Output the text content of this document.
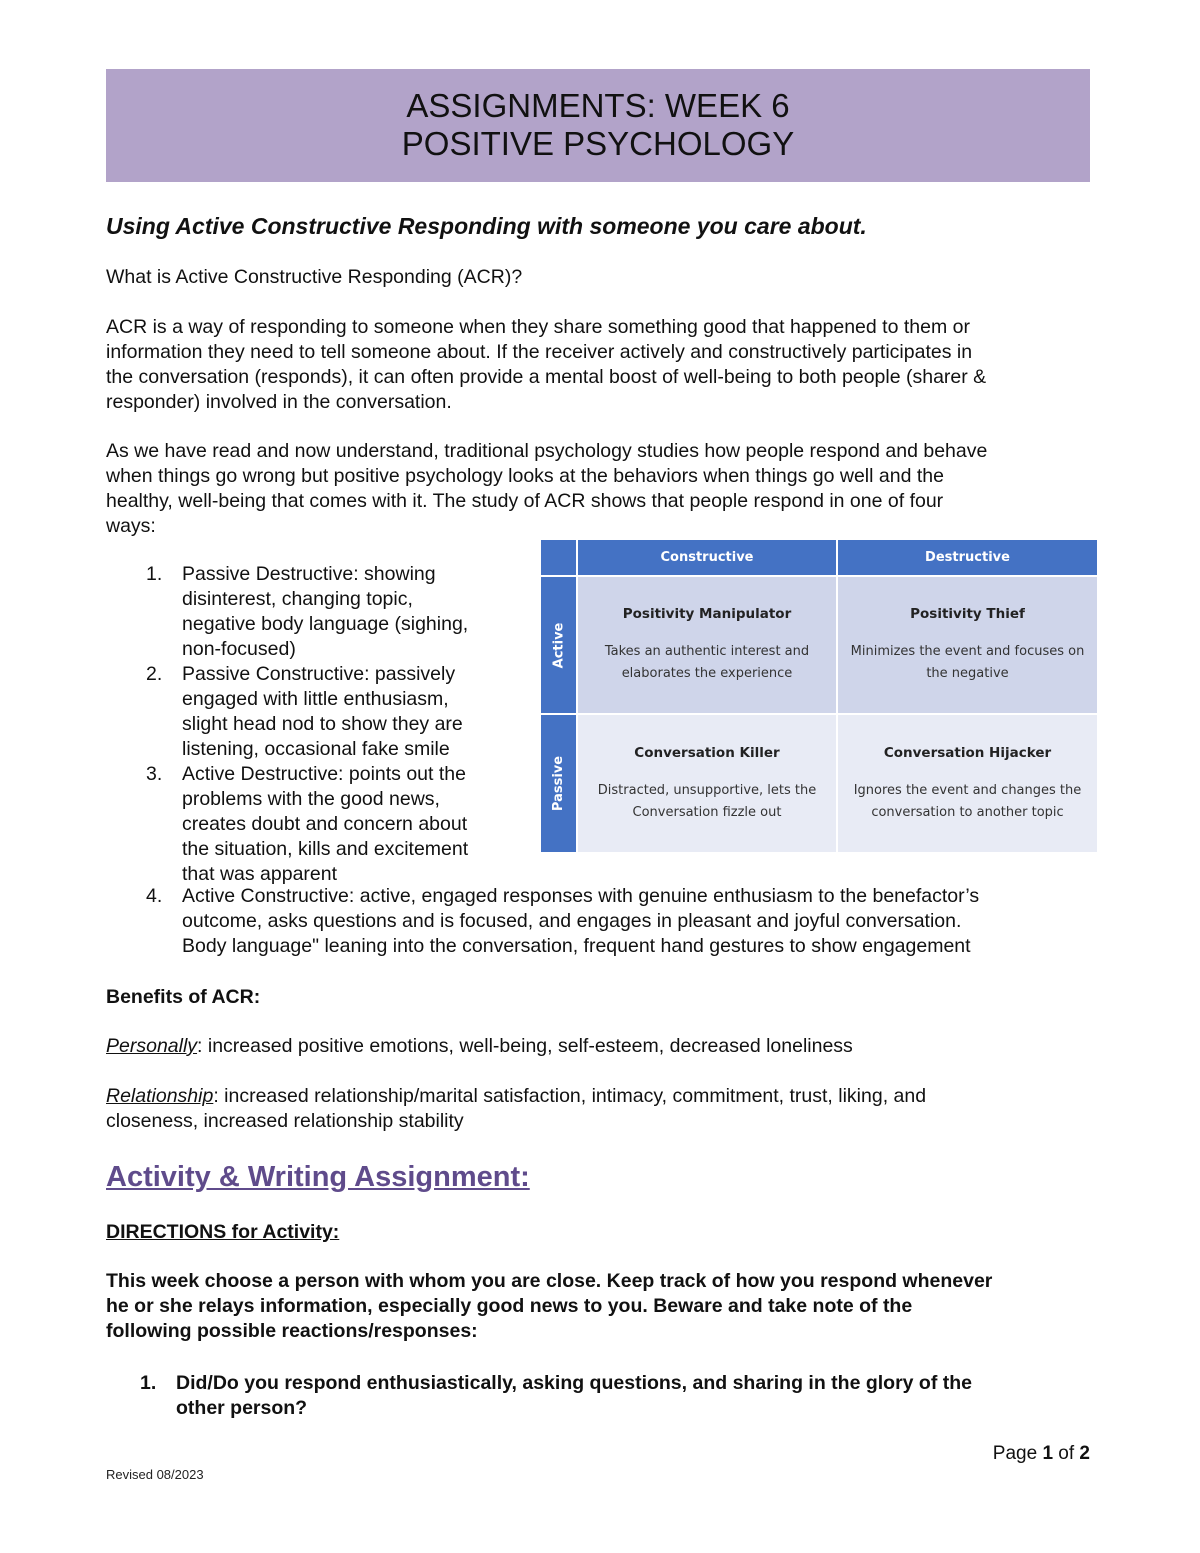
ASSIGNMENTS: WEEK 6
POSITIVE PSYCHOLOGY

Using Active Constructive Responding with someone you care about.

What is Active Constructive Responding (ACR)?

ACR is a way of responding to someone when they share something good that happened to them or
information they need to tell someone about. If the receiver actively and constructively participates in
the conversation (responds), it can often provide a mental boost of well-being to both people (sharer &
responder) involved in the conversation.
As we have read and now understand, traditional psychology studies how people respond and behave
when things go wrong but positive psychology looks at the behaviors when things go well and the
healthy, well-being that comes with it. The study of ACR shows that people respond in one of four
ways:
1. Passive Destructive: showing
disinterest, changing topic,
negative body language (sighing,
non-focused)
2. Passive Constructive: passively
engaged with little enthusiasm,
slight head nod to show they are
listening, occasional fake smile
3. Active Destructive: points out the
problems with the good news,
creates doubt and concern about
the situation, kills and excitement
that was apparent
4. Active Constructive: active, engaged responses with genuine enthusiasm to the benefactor’s
outcome, asks questions and is focused, and engages in pleasant and joyful conversation.
Body language" leaning into the conversation, frequent hand gestures to show engagement
Constructive	Destructive
Active
Passive
Positivity Manipulator
Takes an authentic interest and elaborates the experience
Positivity Thief
Minimizes the event and focuses on the negative
Conversation Killer
Distracted, unsupportive, lets the Conversation fizzle out
Conversation Hijacker
Ignores the event and changes the conversation to another topic

Benefits of ACR:

Personally: increased positive emotions, well-being, self-esteem, decreased loneliness

Relationship: increased relationship/marital satisfaction, intimacy, commitment, trust, liking, and
closeness, increased relationship stability

Activity & Writing Assignment:

DIRECTIONS for Activity:

This week choose a person with whom you are close. Keep track of how you respond whenever
he or she relays information, especially good news to you. Beware and take note of the
following possible reactions/responses:
1. Did/Do you respond enthusiastically, asking questions, and sharing in the glory of the
other person?
Page 1 of 2
Revised 08/2023
